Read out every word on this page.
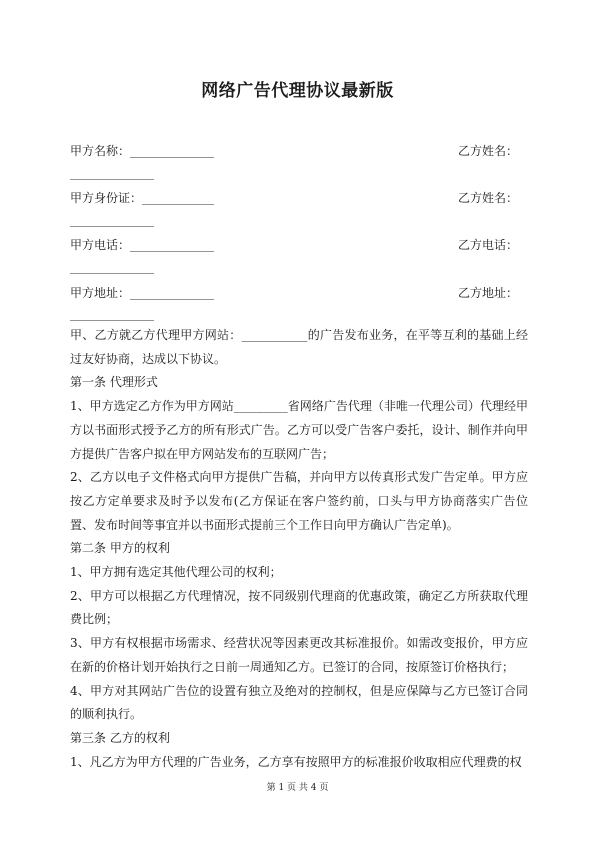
网络广告代理协议最新版
甲方名称：______________	乙方姓名：
______________
甲方身份证：____________	乙方姓名：
______________
甲方电话：______________	乙方电话：
______________
甲方地址：______________	乙方地址：
______________

甲、乙方就乙方代理甲方网站：___________的广告发布业务，在平等互利的基础上经过友好协商，达成以下协议。

第一条 代理形式

1、甲方选定乙方作为甲方网站_________省网络广告代理（非唯一代理公司）代理经甲方以书面形式授予乙方的所有形式广告。乙方可以受广告客户委托，设计、制作并向甲方提供广告客户拟在甲方网站发布的互联网广告；

2、乙方以电子文件格式向甲方提供广告稿，并向甲方以传真形式发广告定单。甲方应按乙方定单要求及时予以发布(乙方保证在客户签约前，口头与甲方协商落实广告位置、发布时间等事宜并以书面形式提前三个工作日向甲方确认广告定单)。

第二条 甲方的权利

1、甲方拥有选定其他代理公司的权利；

2、甲方可以根据乙方代理情况，按不同级别代理商的优惠政策，确定乙方所获取代理费比例；

3、甲方有权根据市场需求、经营状况等因素更改其标准报价。如需改变报价，甲方应在新的价格计划开始执行之日前一周通知乙方。已签订的合同，按原签订价格执行；

4、甲方对其网站广告位的设置有独立及绝对的控制权，但是应保障与乙方已签订合同的顺利执行。

第三条 乙方的权利

1、凡乙方为甲方代理的广告业务，乙方享有按照甲方的标准报价收取相应代理费的权

第 1 页 共 4 页
